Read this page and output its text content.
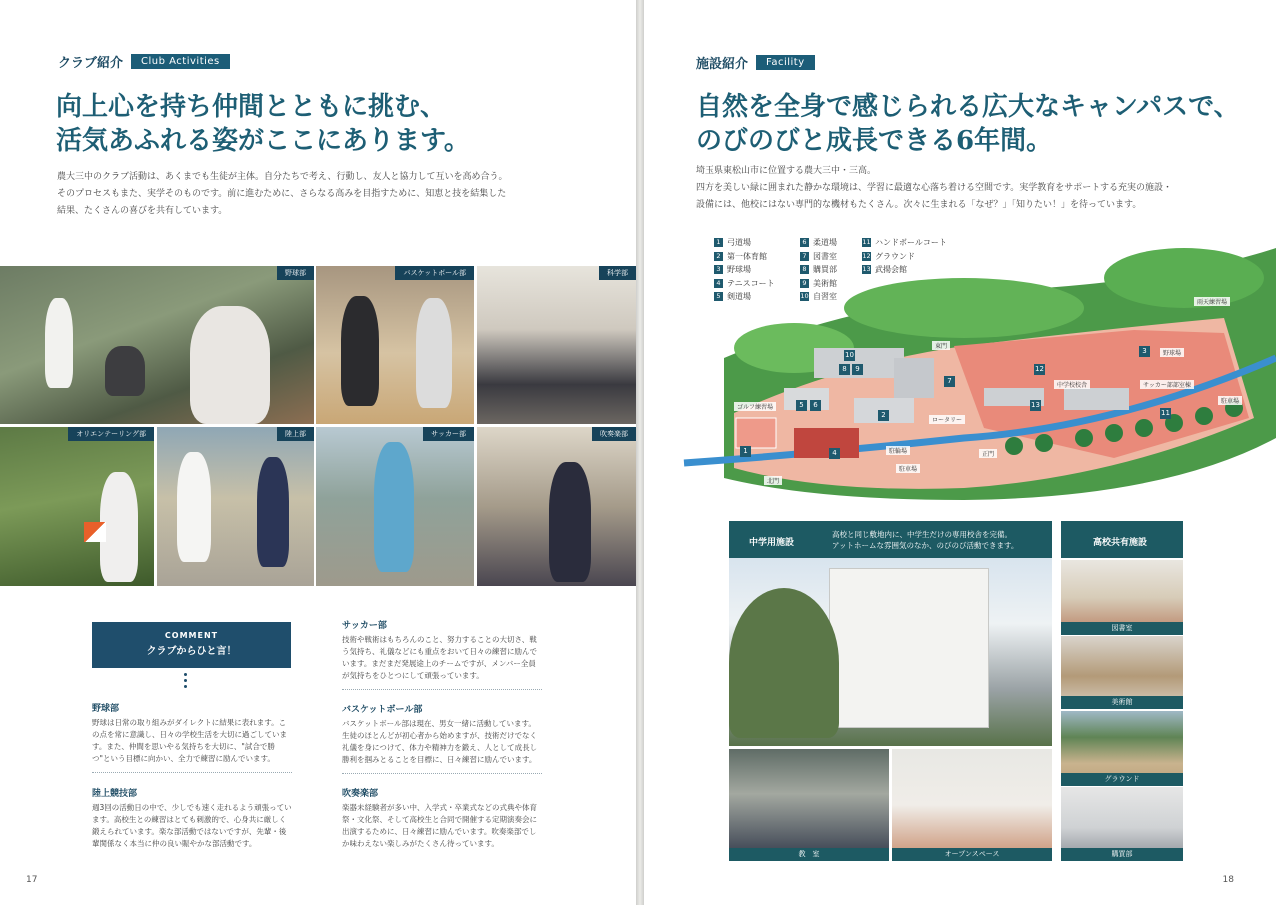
クラブ紹介	Club Activities
向上心を持ち仲間とともに挑む、
活気あふれる姿がここにあります。
農大三中のクラブ活動は、あくまでも生徒が主体。自分たちで考え、行動し、友人と協力して互いを高め合う。
そのプロセスもまた、実学そのものです。前に進むために、さらなる高みを目指すために、知恵と技を結集した
結果、たくさんの喜びを共有しています。
野球部	バスケットボール部	科学部
オリエンテーリング部	陸上部	サッカー部	吹奏楽部
COMMENT
クラブからひと言！
野球部
野球は日常の取り組みがダイレクトに結果に表れます。この点を常に意識し、日々の学校生活を大切に過ごしています。また、仲間を思いやる気持ちを大切に、"試合で勝つ"という目標に向かい、全力で練習に励んでいます。
陸上競技部
週3回の活動日の中で、少しでも速く走れるよう頑張っています。高校生との練習はとても刺激的で、心身共に厳しく鍛えられています。楽な部活動ではないですが、先輩・後輩関係なく本当に仲の良い賑やかな部活動です。
サッカー部
技術や戦術はもちろんのこと、努力することの大切さ、戦う気持ち、礼儀などにも重点をおいて日々の練習に励んでいます。まだまだ発展途上のチームですが、メンバー全員が気持ちをひとつにして頑張っています。
バスケットボール部
バスケットボール部は現在、男女一緒に活動しています。生徒のほとんどが初心者から始めますが、技術だけでなく礼儀を身につけて、体力や精神力を鍛え、人として成長し勝利を掴みとることを目標に、日々練習に励んでいます。
吹奏楽部
楽器未経験者が多い中、入学式・卒業式などの式典や体育祭・文化祭、そして高校生と合同で開催する定期演奏会に出演するために、日々練習に励んでいます。吹奏楽部でしか味わえない楽しみがたくさん待っています。
17
施設紹介	Facility
自然を全身で感じられる広大なキャンパスで、
のびのびと成長できる6年間。
埼玉県東松山市に位置する農大三中・三高。
四方を美しい緑に囲まれた静かな環境は、学習に最適な心落ち着ける空間です。実学教育をサポートする充実の施設・
設備には、他校にはない専門的な機材もたくさん。次々に生まれる「なぜ？」「知りたい！」を待っています。
18
雨天練習場
東門
野球場
中学校校舎	サッカー部部室棟
駐車場
ゴルフ練習場
ロータリー
駐輪場
駐車場
北門
正門
1
2
3
4
5	6
7
8	9
10
11
12
13
1 弓道場
2 第一体育館
3 野球場
4 テニスコート
5 剣道場
6 柔道場
7 図書室
8 購買部
9 美術館
10 自習室
11 ハンドボールコート
12 グラウンド
13 武揚会館
中学用施設
高校と同じ敷地内に、中学生だけの専用校舎を完備。
アットホームな雰囲気のなか、のびのび活動できます。
教　室	オープンスペース
高校共有施設
図書室
美術館
グラウンド
購買部
